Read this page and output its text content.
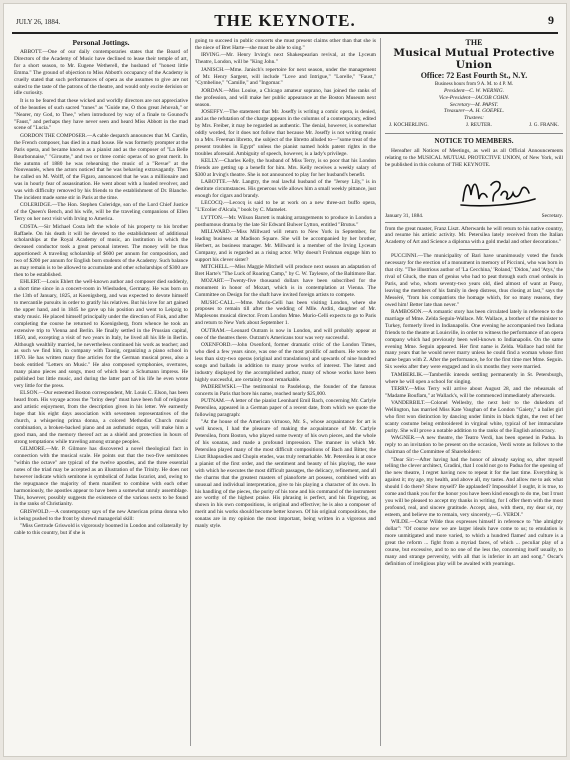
JULY 26, 1884.	THE KEYNOTE.	9
Personal Jottings.

ABBOTT.—One of our daily contemporaries states that the Board of Directors of the Academy of Music have declined to lease their temple of art, for a short season, to Mr. Eugene Wetherell, the husband of "honest little Emma." The ground of objection to Miss Abbott's occupancy of the Academy is cruelly stated that such performances of opera as she assumes to give are not suited to the taste of the patrons of the theatre, and would only excite derision or idle curiosity.

It is to be feared that these wicked and worldly directors are not appreciative of the beauties of such sacred "tunes" as "Guide me, O thou great Jehovah," or "Nearer, my God, to Thee," when introduced by way of a finale to Gounod's "Faust," and perhaps they have never seen and heard Miss Abbott in the mad scene of "Lucia."

GORDON THE COMPOSER.—A cable despatch announces that M. Cardin, the French composer, has died in a mad house. He was formerly prompter at the Paris opera, and became known as a pianist and as the composer of "La Belle Bourbonnaise," "Giroutte," and two or three comic operas of no great merit. In the autumn of 1880 he was rehearsing the music of a "Revue" at the Nouveautés, when the actors noticed that he was behaving extravagantly. Then he called on M. Wolff, of the Figaro, announced that he was a millionaire and was in hourly fear of assassination. He went about with a loaded revolver, and was with difficulty removed by his friends to the establishment of Dr. Blanche. The incident made some stir in Paris at the time.

COLERIDGE.—The Hon. Stephen Coleridge, son of the Lord Chief Justice of the Queen's Bench, and his wife, will be the traveling companions of Ellen Terry on her next visit with Irving to America.

COSTA.—Sir Michael Costa left the whole of his property to his brother Raffaele. On his death it will be devoted to the establishment of additional scholarships at the Royal Academy of music, an institution in which the deceased conductor took a great personal interest. The money will be thus apportioned: A traveling scholarship of $600 per annum for composition, and two of $200 per annum for English born students of the Academy. Such balance as may remain is to be allowed to accumulate and other scholarships of $300 are then to be established.

EHLERT.—Louis Ehlert the well-known author and composer died suddenly, a short time since in a concert-room in Wiesbaden, Germany. He was born on the 13th of January, 1825, at Koenigsberg, and was expected to devote himself to mercantile pursuits in order to gratify his relatives. But his love for art gained the upper hand, and in 1845 he gave up his position and went to Leipzig to study music. He placed himself principally under the direction of Fink, and after completing the course he returned to Koenigsberg, from whence he took an extensive trip to Vienna and Berlin. He finally settled in the Prussian capital, 1850, and, excepting a visit of two years in Italy, he lived all his life in Berlin. Although wealthily married, he nevertheless continued his work as teacher; and as such we find him, in company with Tausig, organizing a piano school in 1870. He has written many fine articles for the German musical press, also a book entitled "Letters on Music." He also composed symphonies, overtures, many piano pieces and songs, most of which bear a Schumann impress. He published but little music, and during the latter part of his life he even wrote very little for the press.

ELSON.—Our esteemed Boston correspondent, Mr. Louis C. Elson, has been heard from. His voyage across the "briny deep" must have been full of religious and artistic enjoyment, from the description given in his letter. We earnestly hope that his eight days association with seventeen representatives of the church, a whispering prima donna, a colored Methodist Church music combination, a broken-backed piano and an asthmatic organ, will make him a good man, and the memory thereof act as a shield and protection in hours of strong temptations while traveling among strange peoples.

GILMORE.—Mr. P. Gilmore has discovered a novel theological fact in connection with the musical scale. He points out that the two-five semitones "within the octave" are typical of the twelve apostles, and the three essential notes of the triad may be accepted as an illustration of the Trinity. He does not however indicate which semitone is symbolical of Judas Iscariot, and, owing to the repugnance the majority of them manifest to combine with each other harmoniously, the apostles appear to have been a somewhat unruly assemblage. This, however, possibly suggests the existence of the various sects to be found in the ranks of Christianity.

GRISWOLD.—A contemporary says of the new American prima donna who is being pushed to the front by shrewd managerial skill:

"Miss Gertrude Griswold is vigorously boomed in London and collaterally by cable to this country, but if she is

going to succeed in public concerts she must present claims other than that she is the niece of Bret Harte—she must be able to sing."

IRVING.—Mr. Henry Irving's next Shakespearian revival, at the Lyceum Theatre, London, will be "King John."

JANISCH.—Mme. Janisch's repertoire for next season, under the management of Mr. Henry Sargent, will include "Love and Intrigue," "Lorelle," "Faust," "Cymbeline," "Camille," and "Ingomar."

JORDAN.—Miss Louise, a Chicago amateur soprano, has joined the ranks of the profession, and will make her public appearance at the Boston Museum next season.

JOSEFFY.—The statement that Mr. Joseffy is writing a comic opera, is denied, and as the refutation of the charge appears in the columns of a contemporary, edited by Mrs. Freiber, it may be regarded as authentic. The denial, however, is somewhat oddly worded, for it does not follow that because Mr. Joseffy is not writing music to a Mrs. Freeman libretto, the subject of the libretto alluded to—"some treat of the present troubles in Egypt" unless the pianist named holds patent rights in the troubles aforesaid. Ambiguity of speech, however, is a lady's privilege.

KELLY.—Charles Kelly, the husband of Miss Terry, is so poor that his London friends are getting up a benefit for him. Mrs. Kelly receives a weekly salary of $300 at Irving's theatre. She is not announced to play for her husband's benefit.

LABOTTE.—Mr. Langtry, the real lawful husband of the "Jersey Lily," is in destitute circumstances. His generous wife allows him a small weekly pittance, just enough for cigars and brandy.

LECOCQ.—Lecocq is said to be at work on a new three-act buffo opera, "L'Ecolier d'Alcala," book by C. Mamelet.

LYTTON.—Mr. Wilson Barrett is making arrangements to produce in London a posthumous drama by the late Sir Edward Bulwer Lytton, entitled "Brutus."

MILLWARD.—Miss Millward will return to New York in September, for leading business at Madison Square. She will be accompanied by her brother, Herbert, as business manager. Mr. Millward is a member of the Irving Lyceum Company, and is regarded as a rising actor. Why doesn't Frohman engage him to support his clever sister?

MITCHELL.—Miss Maggie Mitchell will produce next season an adaptation of Bret Harte's "The Luck of Roaring Camp," by C. W. Tayleure, of the Baltimore Bar.

MOZART.—Twenty-five thousand dollars have been subscribed for the monument in honor of Mozart, which is in contemplation at Vienna. The Committee on Design for the shaft have invited foreign artists to compete.

MUSIC-CALL.—Mme. Murio-Celli has been visiting London, where she proposes to remain till after the wedding of Mlle. Arditi, daughter of Mr. Maplesons musical director. From London Mme. Murio-Celli expects to go to Paris and return to New York about September 1.

OUTRAM.—Leonard Outram is now in London, and will probably appear at one of the theatres there. Outram's Americans tour was very successful.

OXENFORD.—John Oxenford, former dramatic critic of the London Times, who died a few years since, was one of the most prolific of authors. He wrote no less than sixty-two operas (original and translations) and upwards of nine hundred songs and ballads in addition to many prose works of interest. The latest and industry displayed by the accomplished author, many of whose works have been highly successful, are certainly most remarkable.

PADEREWSKI.—The testimonial to Pasdeloup, the founder of the famous concerts in Paris that bore his name, reached nearly $25,000.

PUTNAM.—A letter of the pianist Leonhard Emil Bach, concerning Mr. Carlyle Petersilea, appeared in a German paper of a recent date, from which we quote the following paragraph:

"At the house of the American virtuoso, Mr. S., whose acquaintance for art is well known, I had the pleasure of making the acquaintance of Mr. Carlyle Petersilea, from Boston, who played some twenty of his own pieces, and the whole of his sonatas, and made a profound impression. The manner in which Mr. Petersilea played many of the most difficult compositions of Bach and Bitter, the Liszt Rhapsodies and Chopin etudes, was truly remarkable. Mr. Petersilea is at once a pianist of the first order, and the sentiment and beauty of his playing, the ease with which he executes the most difficult passages, the delicacy, refinement, and all the charms that the greatest masters of pianoforte art possess, combined with an unusual and individual interpretation, give to his playing a character of its own. In his handling of the pieces, the purity of his tone and his command of the instrument are worthy of the highest praise. His phrasing is perfect, and his fingering, as shown in his own compositions, is original and effective; he is also a composer of merit and his works should become better known. Of his original compositions, the sonatas are in my opinion the most important, being written in a vigorous and manly style.

THE
Musical Mutual Protective Union
Office: 72 East Fourth St., N.Y.
Business hours from 9 A. M. to 4 P. M.
President—C. W. WERNIG.
Vice-President—JACOB COHN.
Secretary—M. PAPST.
Treasurer—A. H. GOEPEL.
Trustees:
J. KOCHERLING.	J. REUTER.	J. G. FRANK.
NOTICE TO MEMBERS.

Hereafter all Notices of Meetings, as well as all Official Announcements relating to the MUSICAL MUTUAL PROTECTIVE UNION, of New York, will be published in this column of THE KEYNOTE.

January 31, 1884.	Secretary.

from the great master, Franz Liszt. Afterwards he will return to his native country, and resume his artistic activity. Mr. Petersilea lately received from the Italian Academy of Art and Science a diploma with a gold medal and other decorations."

PUCCINNI.—The municipality of Bari have unanimously voted the funds necessary for the erection of a monument in memory of Piccinni, who was born in that city. "The illustrious author of 'La Cecchina,' 'Roland,' 'Didon,' and 'Atys,' the rival of Gluck, the man of genius who had to peat through such cruel ordeals in Paris, and who, whom seventy-two years old, died almost of want at Passy, leaving the members of his family in deep distress, thus closing at last," says the Messéré, "from his compatriots the homage which, for so many reasons, they owed him! Better late than never."

RAMBOSON.—A romantic story has been circulated lately in reference to the marriage of Mme. Zelda Seguin-Wallace. Mr. Wallace, a brother of the minister to Turkey, formerly lived in Indianapolis. One evening he accompanied two Indiana friends to the theatre at Louisville, in order to witness the performance of an opera company which had previously been well-known to Indianapolis. On the same evening Mme. Seguin appeared. Her first name is Zelda. Wallace had told for many years that he would never marry unless he could find a woman whose first name began with Z. After the performance, he for the first time met Mme. Seguin. Six weeks after they were engaged and in six months they were married.

TAMBERLIK.—Tamberlik intends settling permanently in St. Petersburgh, where he will open a school for singing.

TERRY.—Miss Terry will arrive about August 28, and the rehearsals of "Madame Bouflam," at Wallack's, will be commenced immediately afterwards.

VANDERBILT.—Colonel Wellesby, the next heir to the dukedom of Wellington, has married Miss Kate Vaughan of the London "Gaiety," a ballet girl who first won distinction by dancing under limits in black tights, the rest of her scanty costume being embroidered in virginal white, typical of her immaculate purity. She will prove a notable addition to the ranks of the English aristocracy.

WAGNER.—A new theatre, the Teatro Verdi, has been opened in Padua. In reply to an invitation to be present on the occasion, Verdi wrote as follows to the chairman of the Committee of Shareholders:

"Dear Sir:—After having had the honor of already saying so, after myself telling the clever architect, Gradini, that I could not go to Padua for the opening of the new theatre, I regret having now to repeat it for the last time. Everything is against it; my age, my health, and above all, my tastes. And allow me to ask what should I do there? Show myself? Be applauded? Impossible! I ought, it is true, to come and thank you for the honor you have been kind enough to do me, but I trust you will be pleased to accept my thanks in writing, for I offer them with the most profound, real, and sincere gratitude. Accept, also, with them, my dear sir, my esteem, and believe me to remain, very sincerely,—G. VERDI."

WILDE.—Oscar Wilde thus expresses himself in reference to "the almighty dollar": "Of course now we are larger ideals have come to us; to emulation is more unmitigated and more varied, to which a hundred flames' and culture is a great the reform ... fight from a myriad faces, of which ... peculiar play of a course, but excessive, and to no one of the less the, concerning itself usually, to many and strange perversity, with all that is inferior in art and song." Oscar's definition of irreligious play will be awaited with yearnings.
